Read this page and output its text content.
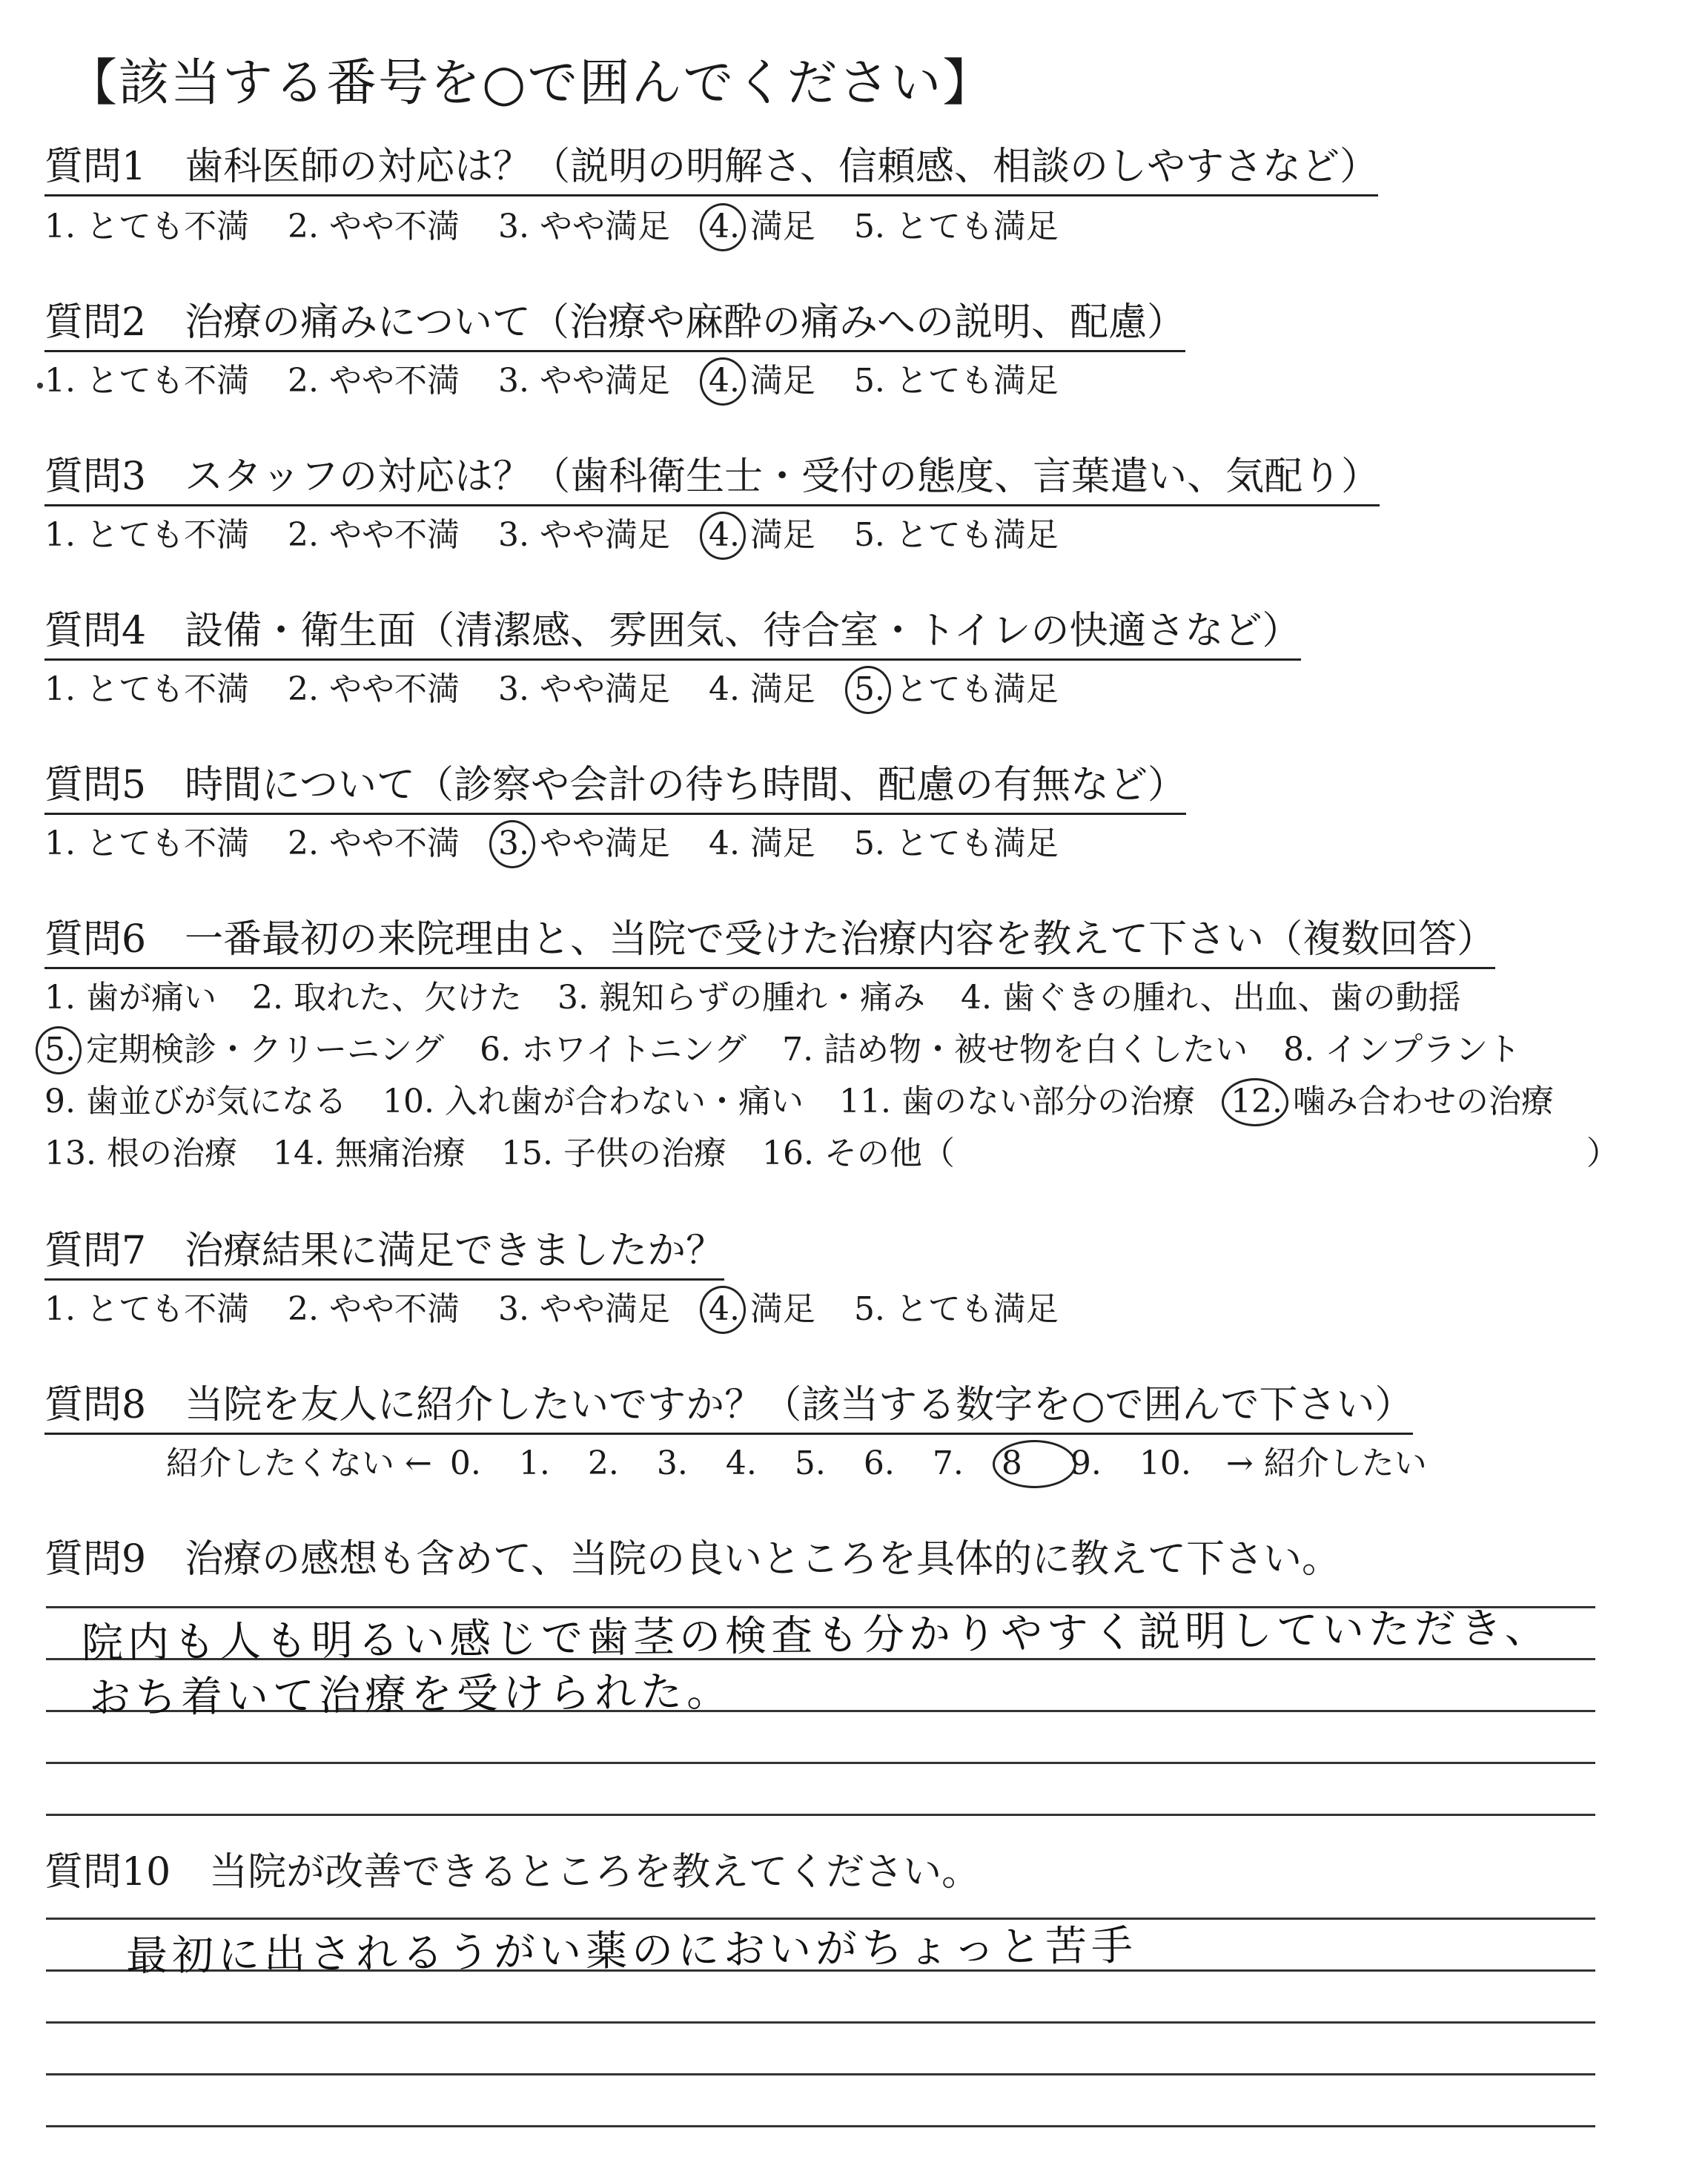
【該当する番号を○で囲んでください】
質問1　歯科医師の対応は？（説明の明解さ、信頼感、相談のしやすさなど）
1. とても不満 2. やや不満 3. やや満足 4. 満足 5. とても満足
質問2　治療の痛みについて（治療や麻酔の痛みへの説明、配慮）
1. とても不満 2. やや不満 3. やや満足 4. 満足 5. とても満足
質問3　スタッフの対応は？（歯科衛生士・受付の態度、言葉遣い、気配り）
1. とても不満 2. やや不満 3. やや満足 4. 満足 5. とても満足
質問4　設備・衛生面（清潔感、雰囲気、待合室・トイレの快適さなど）
1. とても不満 2. やや不満 3. やや満足 4. 満足 5. とても満足
質問5　時間について（診察や会計の待ち時間、配慮の有無など）
1. とても不満 2. やや不満 3. やや満足 4. 満足 5. とても満足
質問6　一番最初の来院理由と、当院で受けた治療内容を教えて下さい（複数回答）
1. 歯が痛い 2. 取れた、欠けた 3. 親知らずの腫れ・痛み 4. 歯ぐきの腫れ、出血、歯の動揺
5. 定期検診・クリーニング 6. ホワイトニング 7. 詰め物・被せ物を白くしたい 8. インプラント
9. 歯並びが気になる 10. 入れ歯が合わない・痛い 11. 歯のない部分の治療 12. 噛み合わせの治療
13. 根の治療 14. 無痛治療 15. 子供の治療 16. その他（	）
質問7　治療結果に満足できましたか？
1. とても不満 2. やや不満 3. やや満足 4. 満足 5. とても満足
質問8　当院を友人に紹介したいですか？（該当する数字を○で囲んで下さい）
紹介したくない ← 0. 1. 2. 3. 4. 5. 6. 7. 8 9. 10. → 紹介したい
質問9　治療の感想も含めて、当院の良いところを具体的に教えて下さい。
院内も人も明るい感じで歯茎の検査も分かりやすく説明していただき、
おち着いて治療を受けられた。
質問10　当院が改善できるところを教えてください。
最初に出されるうがい薬のにおいがちょっと苦手
